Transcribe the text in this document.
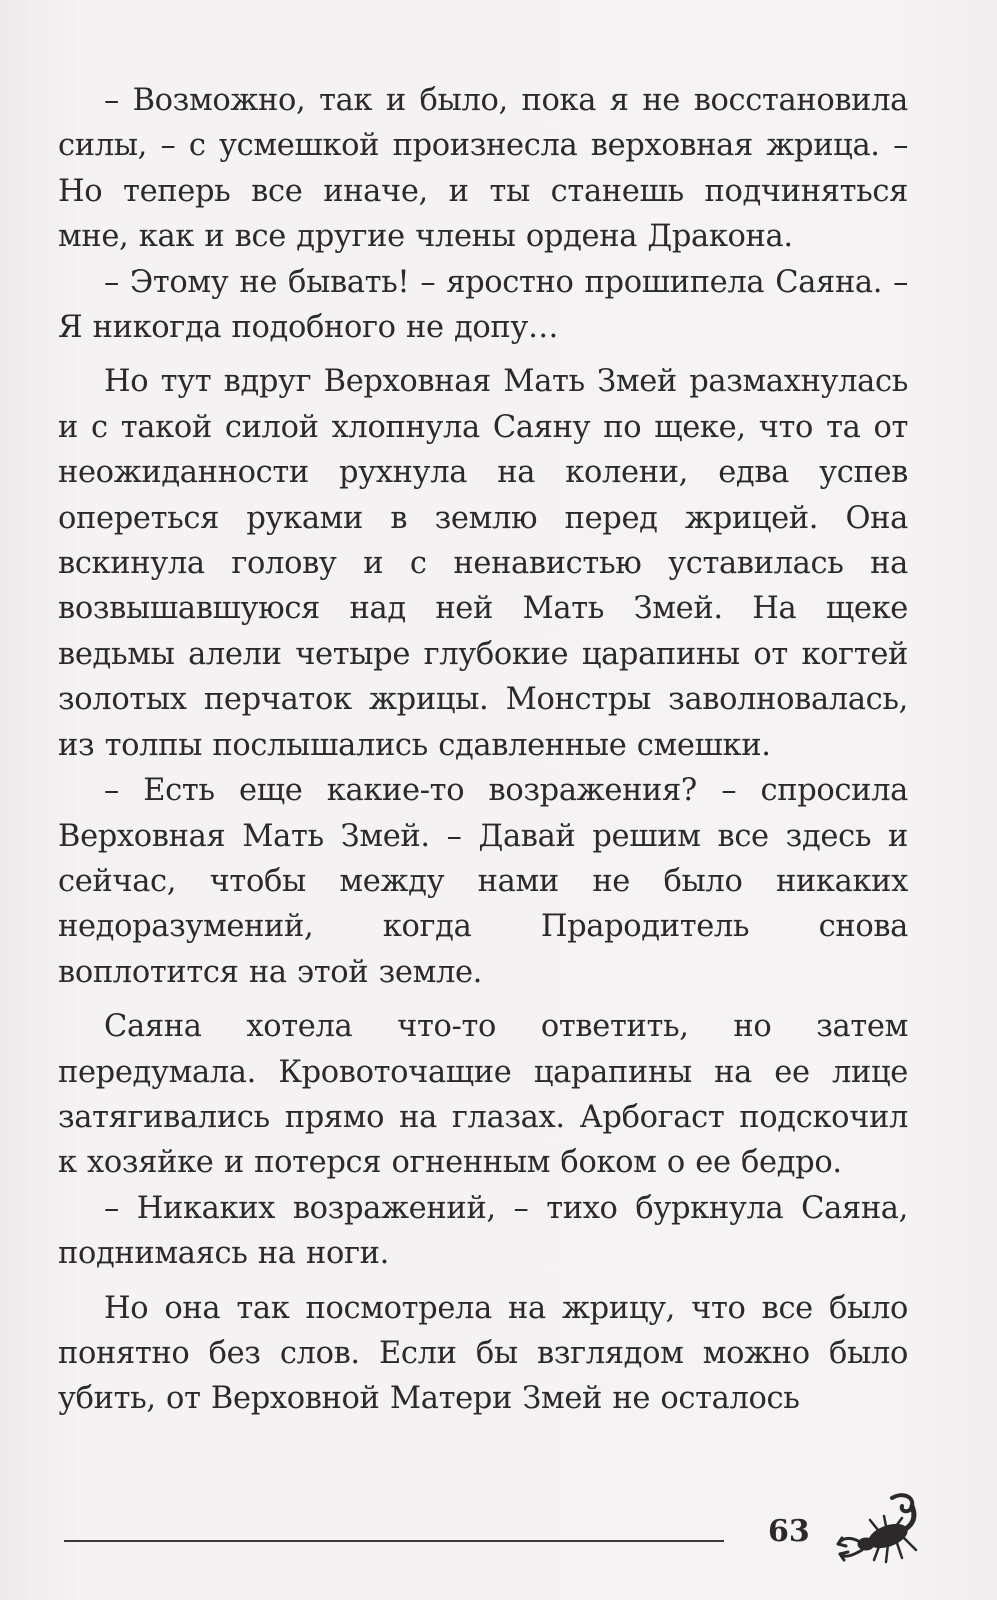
– Возможно, так и было, пока я не восстановила силы, – с усмешкой произнесла верховная жрица. – Но теперь все иначе, и ты станешь подчиняться мне, как и все другие члены ордена Дракона.

– Этому не бывать! – яростно прошипела Саяна. – Я никогда подобного не допу…

Но тут вдруг Верховная Мать Змей размахнулась и с такой силой хлопнула Саяну по щеке, что та от неожиданности рухнула на колени, едва успев опереться руками в землю перед жрицей. Она вскинула голову и с ненавистью уставилась на возвышавшуюся над ней Мать Змей. На щеке ведьмы алели четыре глубокие царапины от когтей золотых перчаток жрицы. Монстры заволновалась, из толпы послышались сдавленные смешки.

– Есть еще какие-то возражения? – спросила Верховная Мать Змей. – Давай решим все здесь и сейчас, чтобы между нами не было никаких недоразумений, когда Прародитель снова воплотится на этой земле.

Саяна хотела что-то ответить, но затем передумала. Кровоточащие царапины на ее лице затягивались прямо на глазах. Арбогаст подскочил к хозяйке и потерся огненным боком о ее бедро.

– Никаких возражений, – тихо буркнула Саяна, поднимаясь на ноги.

Но она так посмотрела на жрицу, что все было понятно без слов. Если бы взглядом можно было убить, от Верховной Матери Змей не осталось

63
